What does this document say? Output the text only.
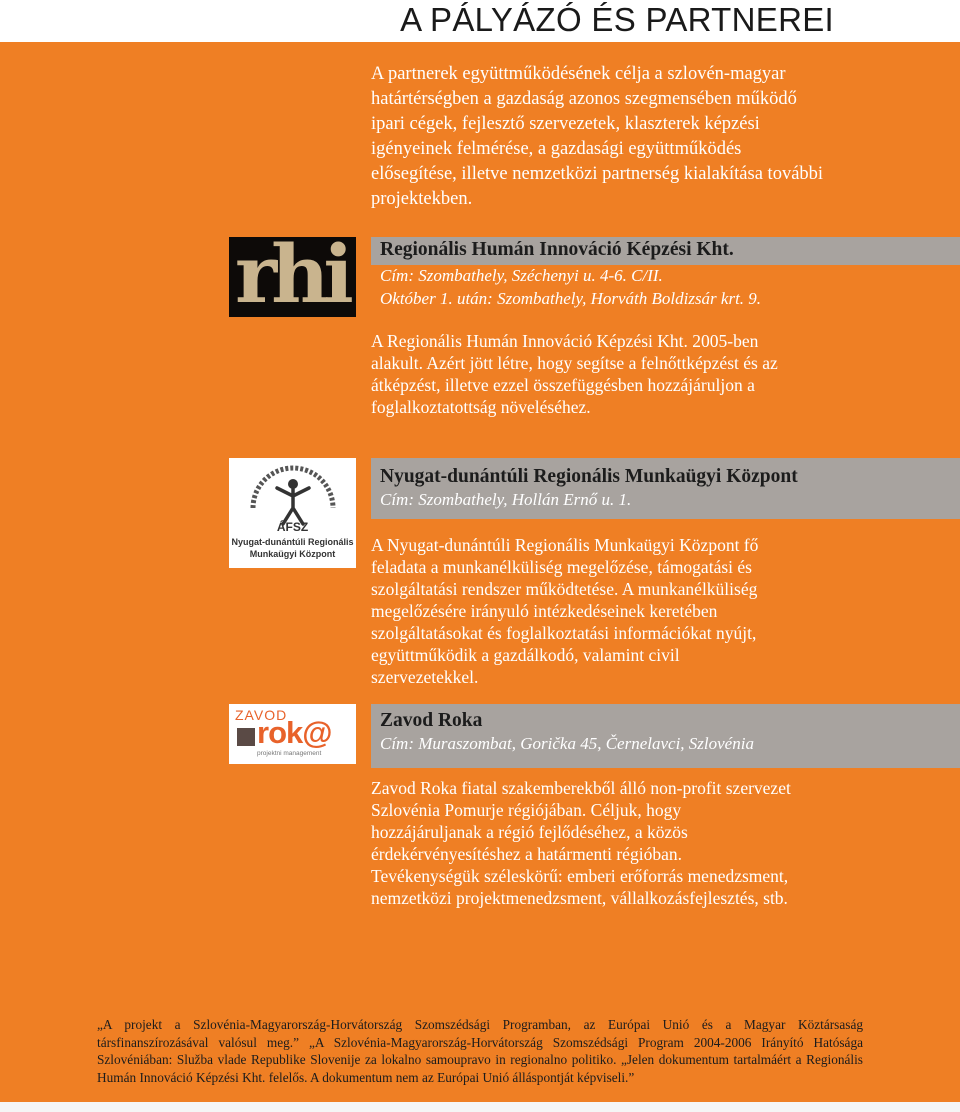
A PÁLYÁZÓ ÉS PARTNEREI

A partnerek együttműködésének célja a szlovén-magyar határtérségben a gazdaság azonos szegmensében működő ipari cégek, fejlesztő szervezetek, klaszterek képzési igényeinek felmérése, a gazdasági együttműködés elősegítése, illetve nemzetközi partnerség kialakítása további projektekben.

rhi Regionális Humán Innováció Képzési Kht.
Cím: Szombathely, Széchenyi u. 4-6. C/II.
Október 1. után: Szombathely, Horváth Boldizsár krt. 9.

A Regionális Humán Innováció Képzési Kht. 2005-ben alakult. Azért jött létre, hogy segítse a felnőttképzést és az átképzést, illetve ezzel összefüggésben hozzájáruljon a foglalkoztatottság növeléséhez.

ÁFSZ
Nyugat-dunántúli Regionális
Munkaügyi Központ
Nyugat-dunántúli Regionális Munkaügyi Központ
Cím: Szombathely, Hollán Ernő u. 1.

A Nyugat-dunántúli Regionális Munkaügyi Központ fő feladata a munkanélküliség megelőzése, támogatási és szolgáltatási rendszer működtetése. A munkanélküliség megelőzésére irányuló intézkedéseinek keretében szolgáltatásokat és foglalkoztatási információkat nyújt, együttműködik a gazdálkodó, valamint civil szervezetekkel.

ZAVOD
rok@
projektni management
Zavod Roka
Cím: Muraszombat, Gorička 45, Černelavci, Szlovénia

Zavod Roka fiatal szakemberekből álló non-profit szervezet Szlovénia Pomurje régiójában. Céljuk, hogy hozzájáruljanak a régió fejlődéséhez, a közös érdekérvényesítéshez a határmenti régióban. Tevékenységük széleskörű: emberi erőforrás menedzsment, nemzetközi projektmenedzsment, vállalkozásfejlesztés, stb.

„A projekt a Szlovénia-Magyarország-Horvátország Szomszédsági Programban, az Európai Unió és a Magyar Köztársaság társfinanszírozásával valósul meg.” „A Szlovénia-Magyarország-Horvátország Szomszédsági Program 2004-2006 Irányító Hatósága Szlovéniában: Služba vlade Republike Slovenije za lokalno samoupravo in regionalno politiko. „Jelen dokumentum tartalmáért a Regionális Humán Innováció Képzési Kht. felelős. A dokumentum nem az Európai Unió álláspontját képviseli.”
